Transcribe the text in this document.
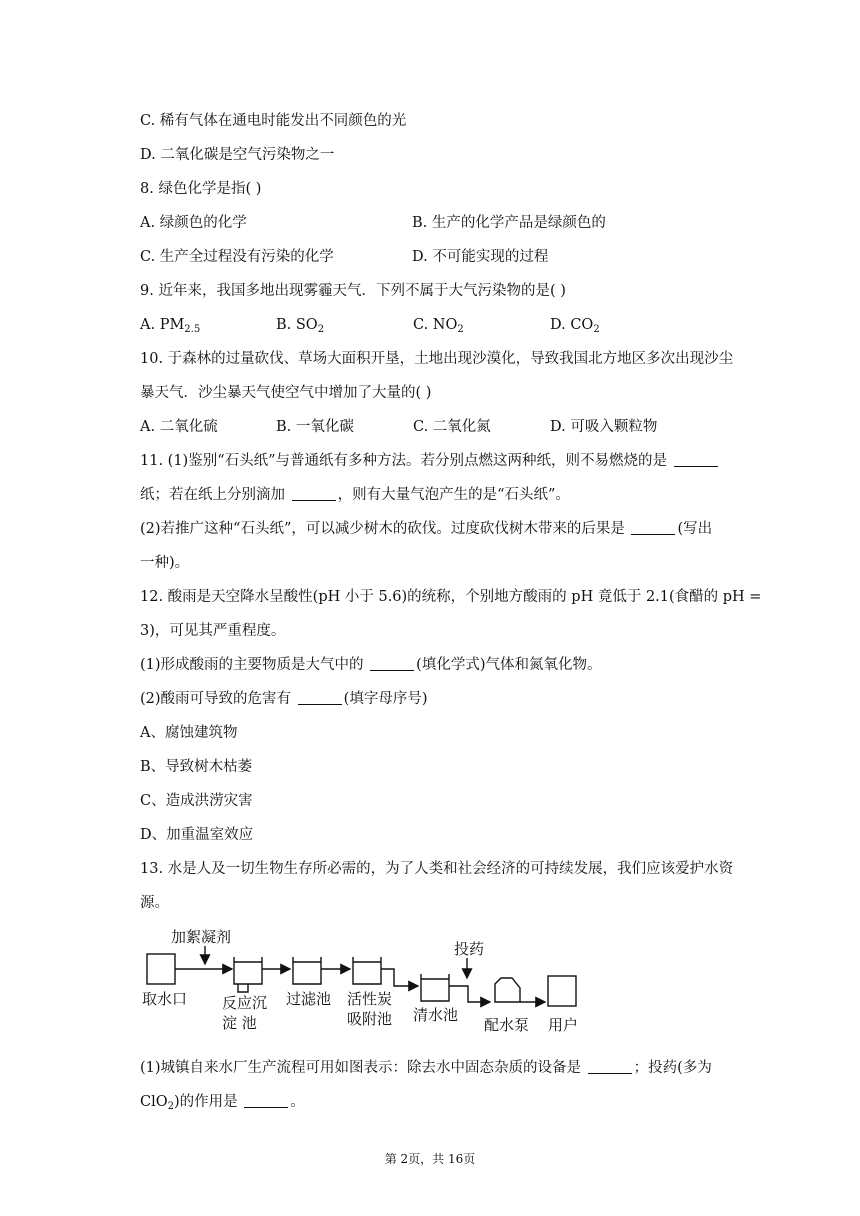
C. 稀有气体在通电时能发出不同颜色的光
D. 二氧化碳是空气污染物之一
8. 绿色化学是指( )
A. 绿颜色的化学	B. 生产的化学产品是绿颜色的
C. 生产全过程没有污染的化学	D. 不可能实现的过程
9. 近年来，我国多地出现雾霾天气．下列不属于大气污染物的是( )
A. $PM_{2.5}$	B. $SO_2$	C. $NO_2$	D. $CO_2$
10. 于森林的过量砍伐、草场大面积开垦，土地出现沙漠化，导致我国北方地区多次出现沙尘
暴天气．沙尘暴天气使空气中增加了大量的( )
A. 二氧化硫	B. 一氧化碳	C. 二氧化氮	D. 可吸入颗粒物
11. (1)鉴别“石头纸”与普通纸有多种方法。若分别点燃这两种纸，则不易燃烧的是
纸；若在纸上分别滴加	，则有大量气泡产生的是“石头纸”。
(2)若推广这种“石头纸”，可以减少树木的砍伐。过度砍伐树木带来的后果是	(写出
一种)。
12. 酸雨是天空降水呈酸性(pH 小于 5.6)的统称，个别地方酸雨的 pH 竟低于 2.1(食醋的 pH =
3)，可见其严重程度。
(1)形成酸雨的主要物质是大气中的	(填化学式)气体和氮氧化物。
(2)酸雨可导致的危害有	(填字母序号)
A、腐蚀建筑物
B、导致树木枯萎
C、造成洪涝灾害
D、加重温室效应
13. 水是人及一切生物生存所必需的，为了人类和社会经济的可持续发展，我们应该爱护水资
源。
加絮凝剂
投药
取水口 反应沉
淀 池
过滤池 活性炭
吸附池 清水池
配水泵 用户
(1)城镇自来水厂生产流程可用如图表示：除去水中固态杂质的设备是	；投药(多为
ClO$_2$)的作用是	。
第 2页，共 16页
